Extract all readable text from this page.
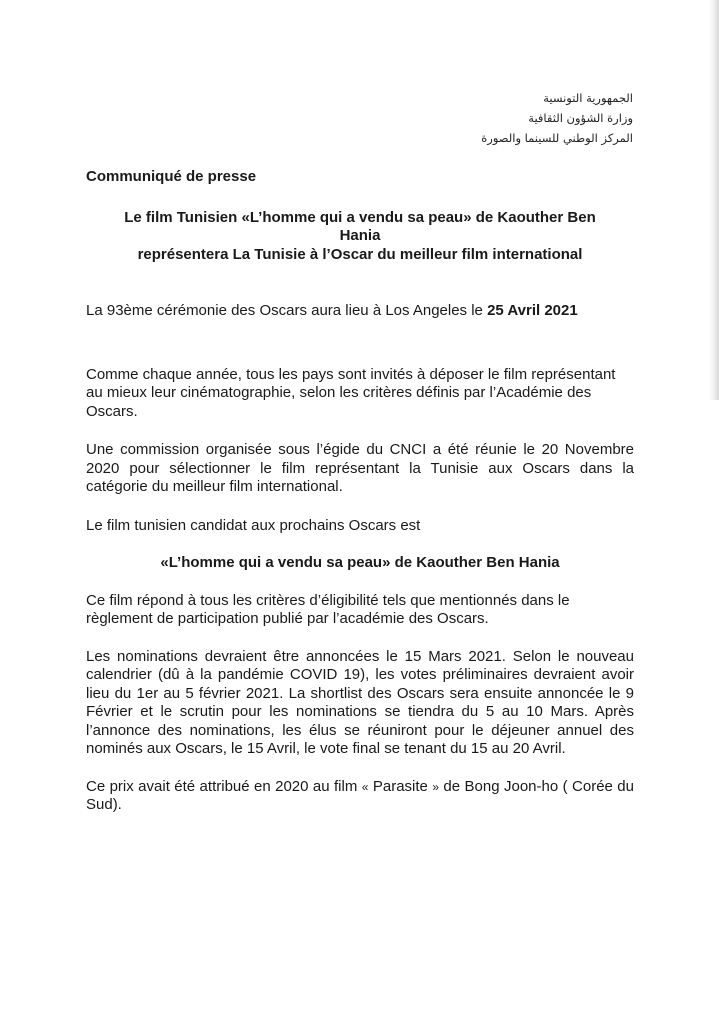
الجمهورية التونسية
وزارة الشؤون الثقافية
المركز الوطني للسينما والصورة

Communiqué de presse

Le film Tunisien «L’homme qui a vendu sa peau» de Kaouther Ben
Hania
représentera La Tunisie à l’Oscar du meilleur film international

La 93ème cérémonie des Oscars aura lieu à Los Angeles le 25 Avril 2021

Comme chaque année, tous les pays sont invités à déposer le film représentant au mieux leur cinématographie, selon les critères définis par l’Académie des Oscars.

Une commission organisée sous l’égide du CNCI a été réunie le 20 Novembre 2020 pour sélectionner le film représentant la Tunisie aux Oscars dans la catégorie du meilleur film international.

Le film tunisien candidat aux prochains Oscars est

«L’homme qui a vendu sa peau» de Kaouther Ben Hania

Ce film répond à tous les critères d’éligibilité tels que mentionnés dans le règlement de participation publié par l’académie des Oscars.

Les nominations devraient être annoncées le 15 Mars 2021. Selon le nouveau calendrier (dû à la pandémie COVID 19), les votes préliminaires devraient avoir lieu du 1er au 5 février 2021. La shortlist des Oscars sera ensuite annoncée le 9 Février et le scrutin pour les nominations se tiendra du 5 au 10 Mars. Après l’annonce des nominations, les élus se réuniront pour le déjeuner annuel des nominés aux Oscars, le 15 Avril, le vote final se tenant du 15 au 20 Avril.

Ce prix avait été attribué en 2020 au film « Parasite » de Bong Joon-ho ( Corée du Sud).
